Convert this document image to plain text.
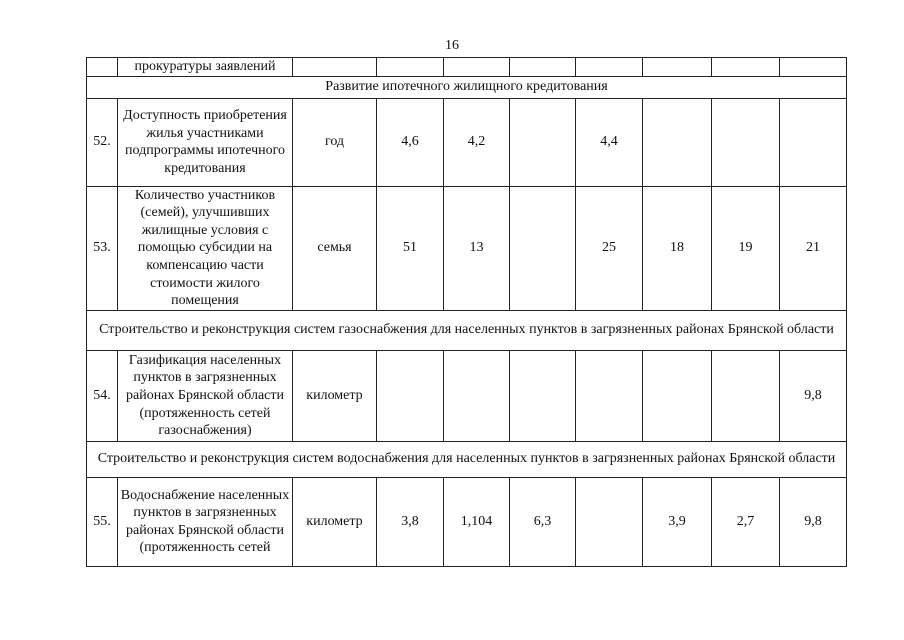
16
	прокуратуры заявлений								
Развитие ипотечного жилищного кредитования									
52.	Доступность приобретения жилья участниками подпрограммы ипотечного кредитования	год	4,6	4,2		4,4			
53.	Количество участников (семей), улучшивших жилищные условия с помощью субсидии на компенсацию части стоимости жилого помещения	семья	51	13		25	18	19	21
Строительство и реконструкция систем газоснабжения для населенных пунктов в загрязненных районах Брянской области									
54.	Газификация населенных пунктов в загрязненных районах Брянской области (протяженность сетей газоснабжения)	километр							9,8
Строительство и реконструкция систем водоснабжения для населенных пунктов в загрязненных районах Брянской области									
55.	Водоснабжение населенных пунктов в загрязненных районах Брянской области (протяженность сетей	километр	3,8	1,104	6,3		3,9	2,7	9,8
